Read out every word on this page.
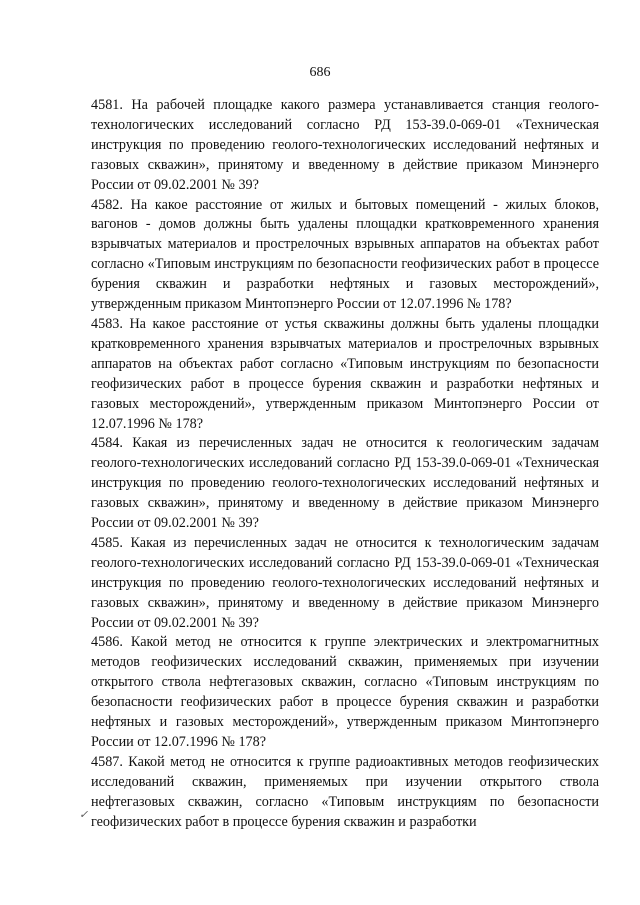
686

4581. На рабочей площадке какого размера устанавливается станция геолого-технологических исследований согласно РД 153-39.0-069-01 «Техническая инструкция по проведению геолого-технологических исследований нефтяных и газовых скважин», принятому и введенному в действие приказом Минэнерго России от 09.02.2001 № 39?

4582. На какое расстояние от жилых и бытовых помещений - жилых блоков, вагонов - домов должны быть удалены площадки кратковременного хранения взрывчатых материалов и прострелочных взрывных аппаратов на объектах работ согласно «Типовым инструкциям по безопасности геофизических работ в процессе бурения скважин и разработки нефтяных и газовых месторождений», утвержденным приказом Минтопэнерго России от 12.07.1996 № 178?

4583. На какое расстояние от устья скважины должны быть удалены площадки кратковременного хранения взрывчатых материалов и прострелочных взрывных аппаратов на объектах работ согласно «Типовым инструкциям по безопасности геофизических работ в процессе бурения скважин и разработки нефтяных и газовых месторождений», утвержденным приказом Минтопэнерго России от 12.07.1996 № 178?

4584. Какая из перечисленных задач не относится к геологическим задачам геолого-технологических исследований согласно РД 153-39.0-069-01 «Техническая инструкция по проведению геолого-технологических исследований нефтяных и газовых скважин», принятому и введенному в действие приказом Минэнерго России от 09.02.2001 № 39?

4585. Какая из перечисленных задач не относится к технологическим задачам геолого-технологических исследований согласно РД 153-39.0-069-01 «Техническая инструкция по проведению геолого-технологических исследований нефтяных и газовых скважин», принятому и введенному в действие приказом Минэнерго России от 09.02.2001 № 39?

4586. Какой метод не относится к группе электрических и электромагнитных методов геофизических исследований скважин, применяемых при изучении открытого ствола нефтегазовых скважин, согласно «Типовым инструкциям по безопасности геофизических работ в процессе бурения скважин и разработки нефтяных и газовых месторождений», утвержденным приказом Минтопэнерго России от 12.07.1996 № 178?

4587. Какой метод не относится к группе радиоактивных методов геофизических исследований скважин, применяемых при изучении открытого ствола нефтегазовых скважин, согласно «Типовым инструкциям по безопасности геофизических работ в процессе бурения скважин и разработки

✓
